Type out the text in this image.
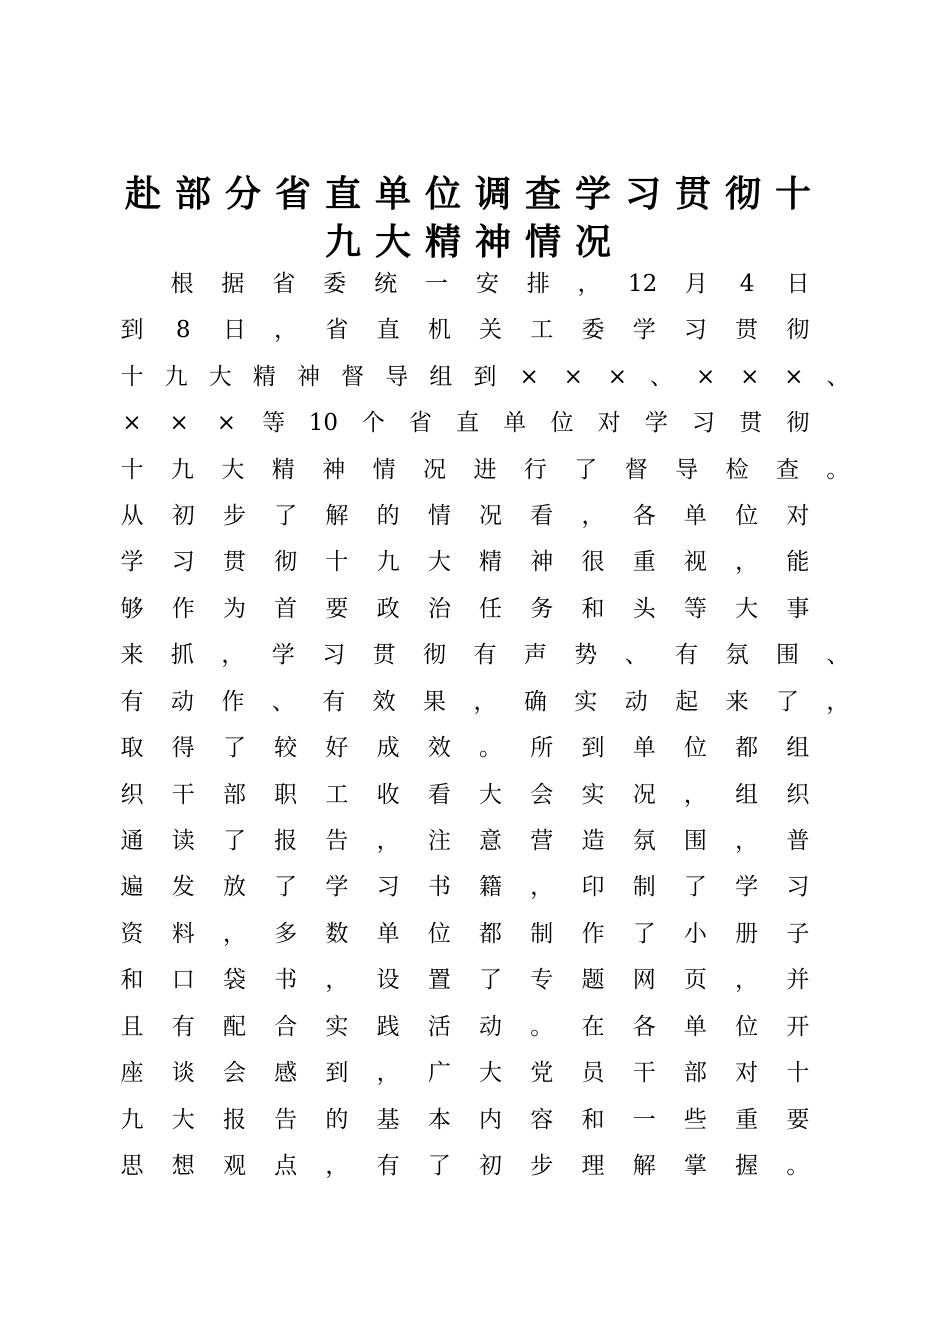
赴部分省直单位调查学习贯彻十
九大精神情况
根 据 省 委 统 一 安 排 ， 12 月 4 日
到 8 日 ， 省 直 机 关 工 委 学 习 贯 彻
十 九 大 精 神 督 导 组 到 × × × 、 × × × 、
× × × 等 10 个 省 直 单 位 对 学 习 贯 彻
十 九 大 精 神 情 况 进 行 了 督 导 检 查 。
从 初 步 了 解 的 情 况 看 ， 各 单 位 对
学 习 贯 彻 十 九 大 精 神 很 重 视 ， 能
够 作 为 首 要 政 治 任 务 和 头 等 大 事
来 抓 ， 学 习 贯 彻 有 声 势 、 有 氛 围 、
有 动 作 、 有 效 果 ， 确 实 动 起 来 了 ，
取 得 了 较 好 成 效 。 所 到 单 位 都 组
织 干 部 职 工 收 看 大 会 实 况 ， 组 织
通 读 了 报 告 ， 注 意 营 造 氛 围 ， 普
遍 发 放 了 学 习 书 籍 ， 印 制 了 学 习
资 料 ， 多 数 单 位 都 制 作 了 小 册 子
和 口 袋 书 ， 设 置 了 专 题 网 页 ， 并
且 有 配 合 实 践 活 动 。 在 各 单 位 开
座 谈 会 感 到 ， 广 大 党 员 干 部 对 十
九 大 报 告 的 基 本 内 容 和 一 些 重 要
思 想 观 点 ， 有 了 初 步 理 解 掌 握 。
